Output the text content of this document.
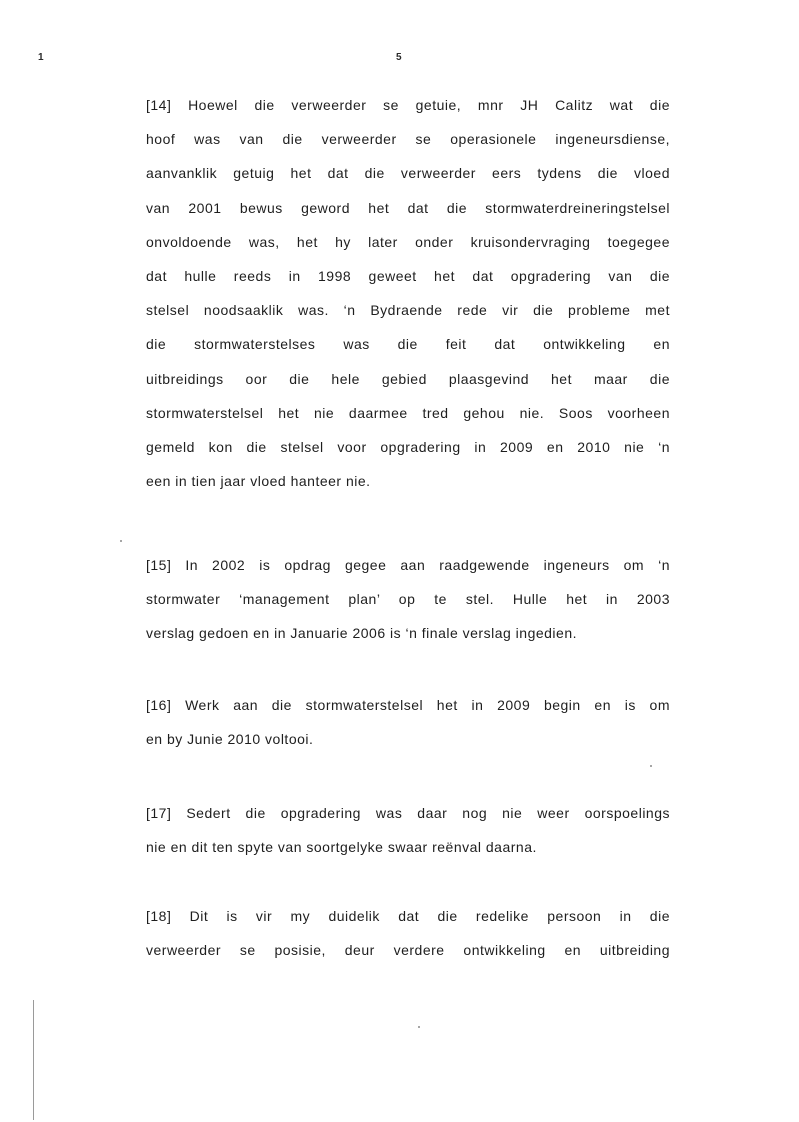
1	5
[14] Hoewel die verweerder se getuie, mnr JH Calitz wat die
hoof was van die verweerder se operasionele ingeneursdiense,
aanvanklik getuig het dat die verweerder eers tydens die vloed
van 2001 bewus geword het dat die stormwaterdreineringstelsel
onvoldoende was, het hy later onder kruisondervraging toegegee
dat hulle reeds in 1998 geweet het dat opgradering van die
stelsel noodsaaklik was. ‘n Bydraende rede vir die probleme met
die stormwaterstelses was die feit dat ontwikkeling en
uitbreidings oor die hele gebied plaasgevind het maar die
stormwaterstelsel het nie daarmee tred gehou nie. Soos voorheen
gemeld kon die stelsel voor opgradering in 2009 en 2010 nie ‘n
een in tien jaar vloed hanteer nie.
[15] In 2002 is opdrag gegee aan raadgewende ingeneurs om ‘n
stormwater ‘management plan’ op te stel. Hulle het in 2003
verslag gedoen en in Januarie 2006 is ‘n finale verslag ingedien.
[16] Werk aan die stormwaterstelsel het in 2009 begin en is om
en by Junie 2010 voltooi.
[17] Sedert die opgradering was daar nog nie weer oorspoelings
nie en dit ten spyte van soortgelyke swaar reënval daarna.
[18] Dit is vir my duidelik dat die redelike persoon in die
verweerder se posisie, deur verdere ontwikkeling en uitbreiding
